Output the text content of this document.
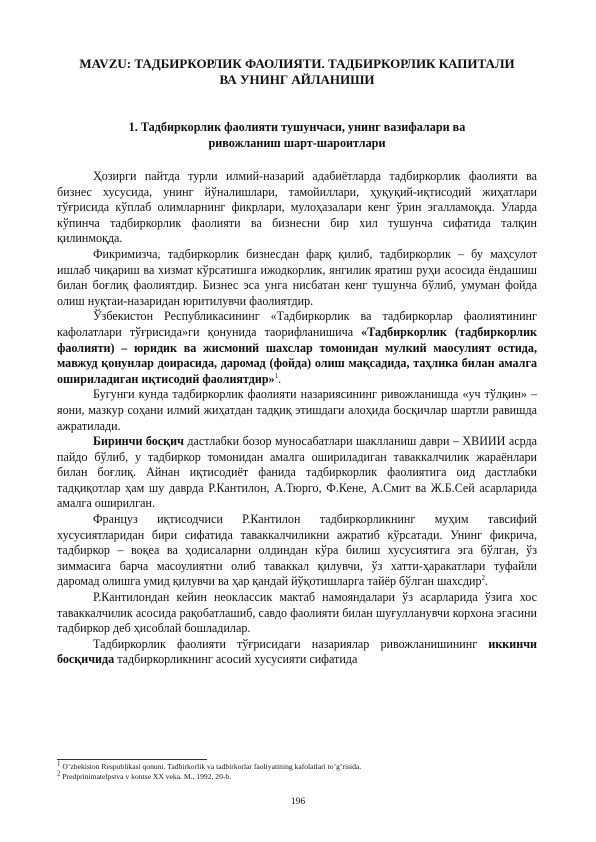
MAVZU: ТАДБИРКОРЛИК ФАОЛИЯТИ. ТАДБИРКОРЛИК КАПИТАЛИ
ВА УНИНГ АЙЛАНИШИ
1. Тадбиркорлик фаолияти тушунчаси, унинг вазифалари ва
ривожланиш шарт-шароитлари

Ҳозирги пайтда турли илмий-назарий адабиётларда тадбиркорлик фаолияти ва бизнес хусусида, унинг йўналишлари, тамойиллари, ҳуқуқий-иқтисодий жиҳатлари тўғрисида кўплаб олимларнинг фикрлари, мулоҳазалари кенг ўрин эгалламоқда. Уларда кўпинча тадбиркорлик фаолияти ва бизнесни бир хил тушунча сифатида талқин қилинмоқда.

Фикримизча, тадбиркорлик бизнесдан фарқ қилиб, тадбиркорлик – бу маҳсулот ишлаб чиқариш ва хизмат кўрсатишга ижодкорлик, янгилик яратиш руҳи асосида ёндашиш билан боғлиқ фаолиятдир. Бизнес эса унга нисбатан кенг тушунча бўлиб, умуман фойда олиш нуқтаи-назаридан юритилувчи фаолиятдир.

Ўзбекистон Республикасининг «Тадбиркорлик ва тадбиркорлар фаолиятининг кафолатлари тўғрисида»ги қонунида таорифланишича «Тадбиркорлик (тадбиркорлик фаолияти) – юридик ва жисмоний шахслар томонидан мулкий маосулият остида, мавжуд қонунлар доирасида, даромад (фойда) олиш мақсадида, таҳлика билан амалга ошириладиган иқтисодий фаолиятдир»$^1$.

Бугунги кунда тадбиркорлик фаолияти назариясининг ривожланишда «уч тўлқин» – яони, мазкур соҳани илмий жиҳатдан тадқиқ этишдаги алоҳида босқичлар шартли равишда ажратилади.

Биринчи босқич дастлабки бозор муносабатлари шаклланиш даври – XВИИИ асрда пайдо бўлиб, у тадбиркор томонидан амалга ошириладиган таваккалчилик жараёнлари билан боғлиқ. Айнан иқтисодиёт фанида тадбиркорлик фаолиятига оид дастлабки тадқиқотлар ҳам шу даврда Р.Кантилон, А.Тюрго, Ф.Кене, А.Смит ва Ж.Б.Сей асарларида амалга оширилган.

Француз иқтисодчиси Р.Кантилон тадбиркорликнинг муҳим тавсифий хусусиятларидан бири сифатида таваккалчиликни ажратиб кўрсатади. Унинг фикрича, тадбиркор – воқеа ва ҳодисаларни олдиндан кўра билиш хусусиятига эга бўлган, ўз зиммасига барча масоулиятни олиб таваккал қилувчи, ўз хатти-ҳаракатлари туфайли даромад олишга умид қилувчи ва ҳар қандай йўқотишларга тайёр бўлган шахсдир$^2$.

Р.Кантилондан кейин неоклассик мактаб намояндалари ўз асарларида ўзига хос таваккалчилик асосида рақобатлашиб, савдо фаолияти билан шуғулланувчи корхона эгасини тадбиркор деб ҳисоблай бошладилар.

Тадбиркорлик фаолияти тўғрисидаги назариялар ривожланишининг иккинчи босқичида тадбиркорликнинг асосий хусусияти сифатида

$^1$ O’zbekiston Respublikasi qonuni. Tadbirkorlik va tadbirkorlar faoliyatining kafolatlari to’g’risida.

$^2$ Predprinimatelpstva v kontse XX veka. M., 1992, 20-b.

196
